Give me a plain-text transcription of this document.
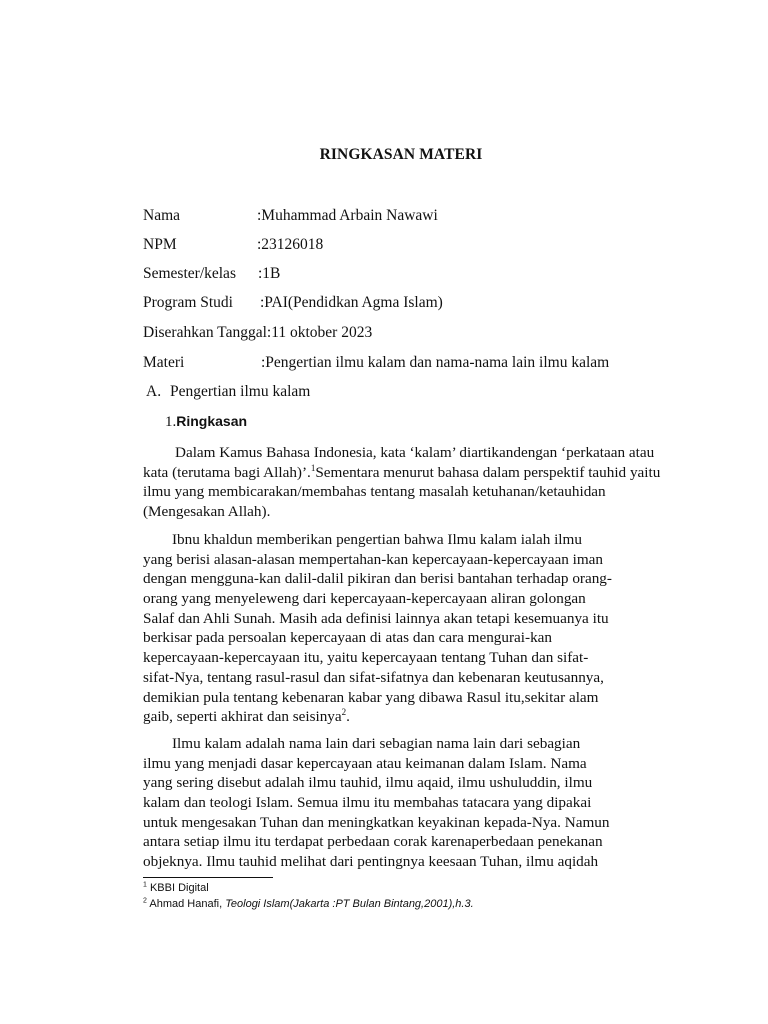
RINGKASAN MATERI
Nama	:Muhammad Arbain Nawawi
NPM	:23126018
Semester/kelas :1B
Program Studi :PAI(Pendidkan Agma Islam)
Diserahkan Tanggal:11 oktober 2023
Materi	:Pengertian ilmu kalam dan nama-nama lain ilmu kalam
A. Pengertian ilmu kalam
1.Ringkasan
Dalam Kamus Bahasa Indonesia, kata ‘kalam’ diartikandengan ‘perkataan atau
kata (terutama bagi Allah)’.$^1$Sementara menurut bahasa dalam perspektif tauhid yaitu
ilmu yang membicarakan/membahas tentang masalah ketuhanan/ketauhidan
(Mengesakan Allah).
Ibnu khaldun memberikan pengertian bahwa Ilmu kalam ialah ilmu
yang berisi alasan-alasan mempertahan-kan kepercayaan-kepercayaan iman
dengan mengguna-kan dalil-dalil pikiran dan berisi bantahan terhadap orang-
orang yang menyeleweng dari kepercayaan-kepercayaan aliran golongan
Salaf dan Ahli Sunah. Masih ada definisi lainnya akan tetapi kesemuanya itu
berkisar pada persoalan kepercayaan di atas dan cara mengurai-kan
kepercayaan-kepercayaan itu, yaitu kepercayaan tentang Tuhan dan sifat-
sifat-Nya, tentang rasul-rasul dan sifat-sifatnya dan kebenaran keutusannya,
demikian pula tentang kebenaran kabar yang dibawa Rasul itu,sekitar alam
gaib, seperti akhirat dan seisinya$^2$.
Ilmu kalam adalah nama lain dari sebagian nama lain dari sebagian
ilmu yang menjadi dasar kepercayaan atau keimanan dalam Islam. Nama
yang sering disebut adalah ilmu tauhid, ilmu aqaid, ilmu ushuluddin, ilmu
kalam dan teologi Islam. Semua ilmu itu membahas tatacara yang dipakai
untuk mengesakan Tuhan dan meningkatkan keyakinan kepada-Nya. Namun
antara setiap ilmu itu terdapat perbedaan corak karenaperbedaan penekanan
objeknya. Ilmu tauhid melihat dari pentingnya keesaan Tuhan, ilmu aqidah
$^1$ KBBI Digital
$^2$ Ahmad Hanafi, Teologi Islam(Jakarta :PT Bulan Bintang,2001),h.3.
